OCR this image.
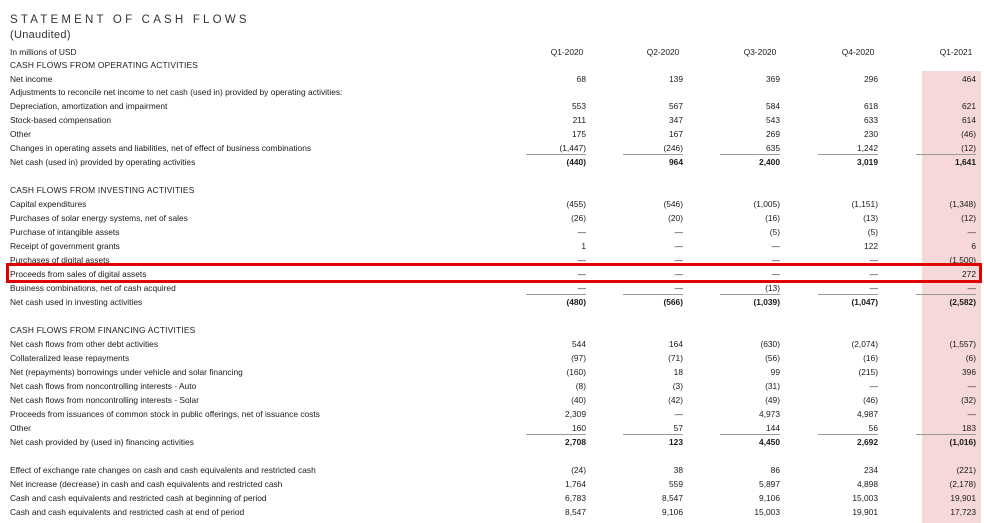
STATEMENT OF CASH FLOWS
(Unaudited)
In millions of USD	Q1-2020	Q2-2020	Q3-2020	Q4-2020	Q1-2021
CASH FLOWS FROM OPERATING ACTIVITIES
Net income	68	139	369	296	464
Adjustments to reconcile net income to net cash (used in) provided by operating activities:
Depreciation, amortization and impairment	553	567	584	618	621
Stock-based compensation	211	347	543	633	614
Other	175	167	269	230	(46)
Changes in operating assets and liabilities, net of effect of business combinations	(1,447)	(246)	635	1,242	(12)
Net cash (used in) provided by operating activities	(440)	964	2,400	3,019	1,641
CASH FLOWS FROM INVESTING ACTIVITIES
Capital expenditures	(455)	(546)	(1,005)	(1,151)	(1,348)
Purchases of solar energy systems, net of sales	(26)	(20)	(16)	(13)	(12)
Purchase of intangible assets	—	—	(5)	(5)	—
Receipt of government grants	1	—	—	122	6
Purchases of digital assets	—	—	—	—	(1,500)
Proceeds from sales of digital assets	—	—	—	—	272
Business combinations, net of cash acquired	—	—	(13)	—	—
Net cash used in investing activities	(480)	(566)	(1,039)	(1,047)	(2,582)
CASH FLOWS FROM FINANCING ACTIVITIES
Net cash flows from other debt activities	544	164	(630)	(2,074)	(1,557)
Collateralized lease repayments	(97)	(71)	(56)	(16)	(6)
Net (repayments) borrowings under vehicle and solar financing	(160)	18	99	(215)	396
Net cash flows from noncontrolling interests - Auto	(8)	(3)	(31)	—	—
Net cash flows from noncontrolling interests - Solar	(40)	(42)	(49)	(46)	(32)
Proceeds from issuances of common stock in public offerings, net of issuance costs	2,309	—	4,973	4,987	—
Other	160	57	144	56	183
Net cash provided by (used in) financing activities	2,708	123	4,450	2,692	(1,016)
Effect of exchange rate changes on cash and cash equivalents and restricted cash	(24)	38	86	234	(221)
Net increase (decrease) in cash and cash equivalents and restricted cash	1,764	559	5,897	4,898	(2,178)
Cash and cash equivalents and restricted cash at beginning of period	6,783	8,547	9,106	15,003	19,901
Cash and cash equivalents and restricted cash at end of period	8,547	9,106	15,003	19,901	17,723
